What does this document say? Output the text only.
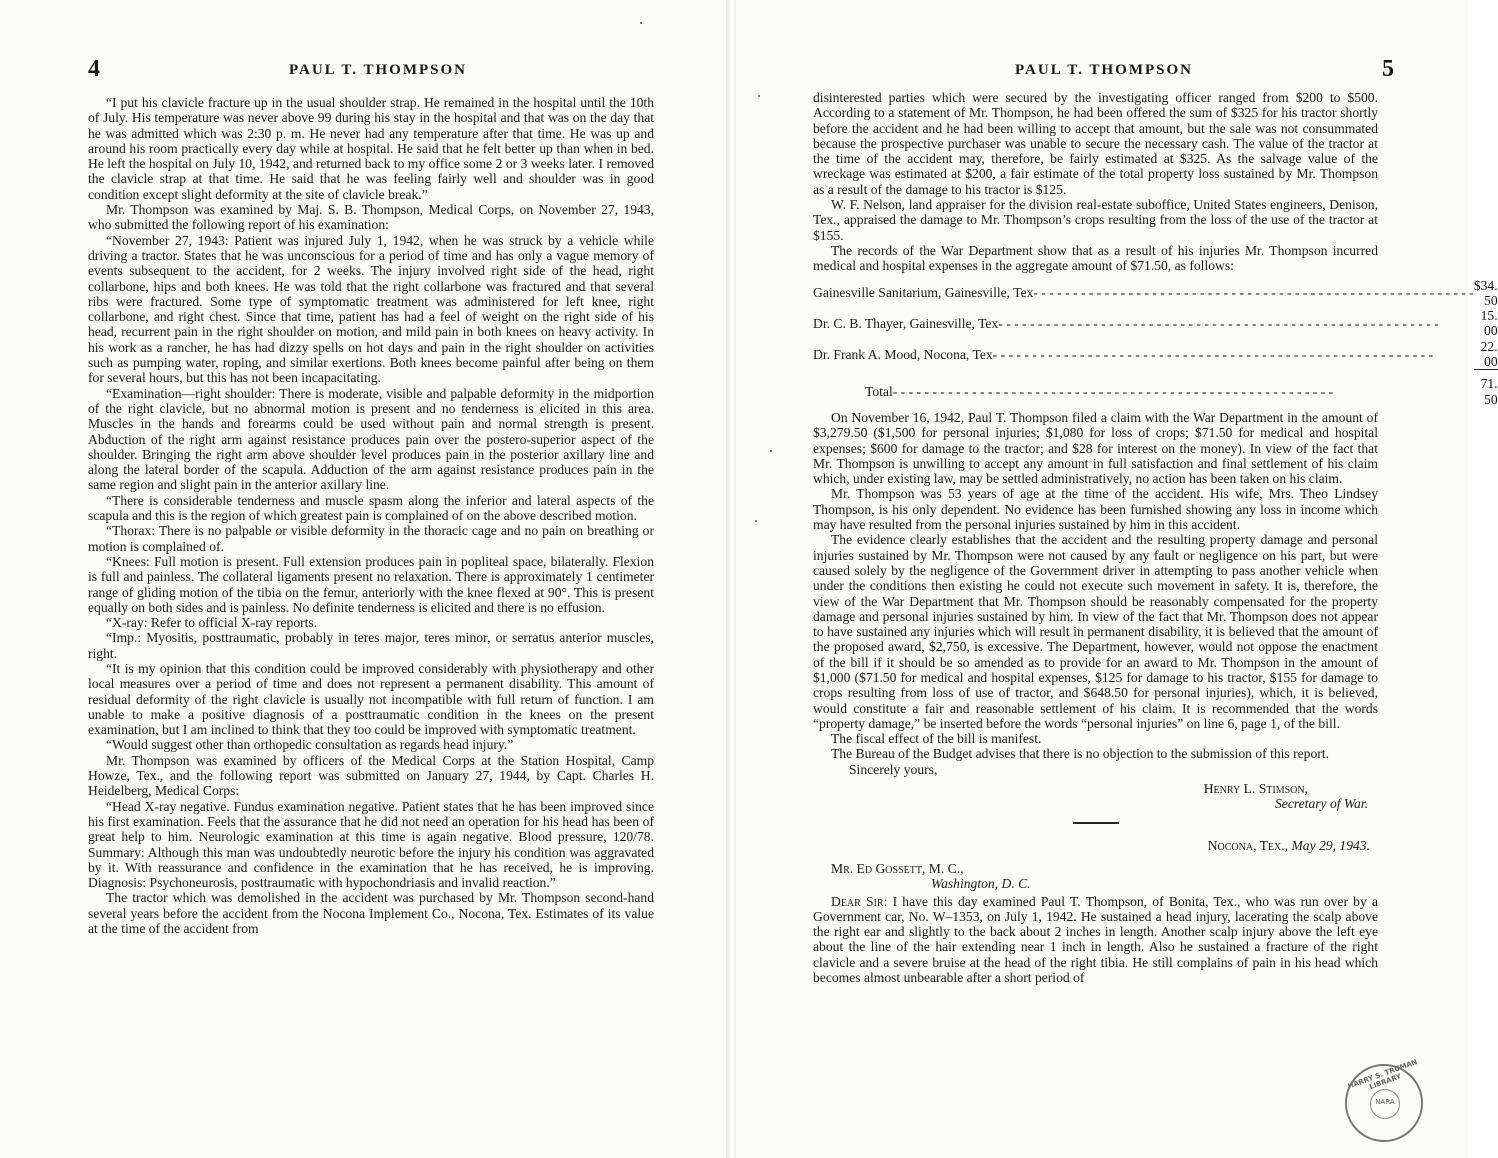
4	PAUL T. THOMPSON

“I put his clavicle fracture up in the usual shoulder strap. He remained in the hospital until the 10th of July. His temperature was never above 99 during his stay in the hospital and that was on the day that he was admitted which was 2:30 p. m. He never had any temperature after that time. He was up and around his room practically every day while at hospital. He said that he felt better up than when in bed. He left the hospital on July 10, 1942, and returned back to my office some 2 or 3 weeks later. I removed the clavicle strap at that time. He said that he was feeling fairly well and shoulder was in good condition except slight deformity at the site of clavicle break.”

Mr. Thompson was examined by Maj. S. B. Thompson, Medical Corps, on November 27, 1943, who submitted the following report of his examination:

“November 27, 1943: Patient was injured July 1, 1942, when he was struck by a vehicle while driving a tractor. States that he was unconscious for a period of time and has only a vague memory of events subsequent to the accident, for 2 weeks. The injury involved right side of the head, right collarbone, hips and both knees. He was told that the right collarbone was fractured and that several ribs were fractured. Some type of symptomatic treatment was administered for left knee, right collarbone, and right chest. Since that time, patient has had a feel of weight on the right side of his head, recurrent pain in the right shoulder on motion, and mild pain in both knees on heavy activity. In his work as a rancher, he has had dizzy spells on hot days and pain in the right shoulder on activities such as pumping water, roping, and similar exertions. Both knees become painful after being on them for several hours, but this has not been incapacitating.

“Examination—right shoulder: There is moderate, visible and palpable deformity in the midportion of the right clavicle, but no abnormal motion is present and no tenderness is elicited in this area. Muscles in the hands and forearms could be used without pain and normal strength is present. Abduction of the right arm against resistance produces pain over the postero-superior aspect of the shoulder. Bringing the right arm above shoulder level produces pain in the posterior axillary line and along the lateral border of the scapula. Adduction of the arm against resistance produces pain in the same region and slight pain in the anterior axillary line.

“There is considerable tenderness and muscle spasm along the inferior and lateral aspects of the scapula and this is the region of which greatest pain is complained of on the above described motion.

“Thorax: There is no palpable or visible deformity in the thoracic cage and no pain on breathing or motion is complained of.

“Knees: Full motion is present. Full extension produces pain in popliteal space, bilaterally. Flexion is full and painless. The collateral ligaments present no relaxation. There is approximately 1 centimeter range of gliding motion of the tibia on the femur, anteriorly with the knee flexed at 90°. This is present equally on both sides and is painless. No definite tenderness is elicited and there is no effusion.

“X-ray: Refer to official X-ray reports.

“Imp.: Myositis, posttraumatic, probably in teres major, teres minor, or serratus anterior muscles, right.

“It is my opinion that this condition could be improved considerably with physiotherapy and other local measures over a period of time and does not represent a permanent disability. This amount of residual deformity of the right clavicle is usually not incompatible with full return of function. I am unable to make a positive diagnosis of a posttraumatic condition in the knees on the present examination, but I am inclined to think that they too could be improved with symptomatic treatment.

“Would suggest other than orthopedic consultation as regards head injury.”

Mr. Thompson was examined by officers of the Medical Corps at the Station Hospital, Camp Howze, Tex., and the following report was submitted on January 27, 1944, by Capt. Charles H. Heidelberg, Medical Corps:

“Head X-ray negative. Fundus examination negative. Patient states that he has been improved since his first examination. Feels that the assurance that he did not need an operation for his head has been of great help to him. Neurologic examination at this time is again negative. Blood pressure, 120/78. Summary: Although this man was undoubtedly neurotic before the injury his condition was aggravated by it. With reassurance and confidence in the examination that he has received, he is improving. Diagnosis: Psychoneurosis, posttraumatic with hypochondriasis and invalid reaction.”

The tractor which was demolished in the accident was purchased by Mr. Thompson second-hand several years before the accident from the Nocona Implement Co., Nocona, Tex. Estimates of its value at the time of the accident from

PAUL T. THOMPSON	5

disinterested parties which were secured by the investigating officer ranged from $200 to $500. According to a statement of Mr. Thompson, he had been offered the sum of $325 for his tractor shortly before the accident and he had been willing to accept that amount, but the sale was not consummated because the prospective purchaser was unable to secure the necessary cash. The value of the tractor at the time of the accident may, therefore, be fairly estimated at $325. As the salvage value of the wreckage was estimated at $200, a fair estimate of the total property loss sustained by Mr. Thompson as a result of the damage to his tractor is $125.

W. F. Nelson, land appraiser for the division real-estate suboffice, United States engineers, Denison, Tex., appraised the damage to Mr. Thompson’s crops resulting from the loss of the use of the tractor at $155.

The records of the War Department show that as a result of his injuries Mr. Thompson incurred medical and hospital expenses in the aggregate amount of $71.50, as follows:

Gainesville Sanitarium, Gainesville, Tex
- - -	$34. 50

Dr. C. B. Thayer, Gainesville, Tex
- - -	15. 00

Dr. Frank A. Mood, Nocona, Tex
- - -	22. 00

Total
- - -	71. 50

On November 16, 1942, Paul T. Thompson filed a claim with the War Department in the amount of $3,279.50 ($1,500 for personal injuries; $1,080 for loss of crops; $71.50 for medical and hospital expenses; $600 for damage to the tractor; and $28 for interest on the money). In view of the fact that Mr. Thompson is unwilling to accept any amount in full satisfaction and final settlement of his claim which, under existing law, may be settled administratively, no action has been taken on his claim.

Mr. Thompson was 53 years of age at the time of the accident. His wife, Mrs. Theo Lindsey Thompson, is his only dependent. No evidence has been furnished showing any loss in income which may have resulted from the personal injuries sustained by him in this accident.

The evidence clearly establishes that the accident and the resulting property damage and personal injuries sustained by Mr. Thompson were not caused by any fault or negligence on his part, but were caused solely by the negligence of the Government driver in attempting to pass another vehicle when under the conditions then existing he could not execute such movement in safety. It is, therefore, the view of the War Department that Mr. Thompson should be reasonably compensated for the property damage and personal injuries sustained by him. In view of the fact that Mr. Thompson does not appear to have sustained any injuries which will result in permanent disability, it is believed that the amount of the proposed award, $2,750, is excessive. The Department, however, would not oppose the enactment of the bill if it should be so amended as to provide for an award to Mr. Thompson in the amount of $1,000 ($71.50 for medical and hospital expenses, $125 for damage to his tractor, $155 for damage to crops resulting from loss of use of tractor, and $648.50 for personal injuries), which, it is believed, would constitute a fair and reasonable settlement of his claim. It is recommended that the words “property damage,” be inserted before the words “personal injuries” on line 6, page 1, of the bill.

The fiscal effect of the bill is manifest.

The Bureau of the Budget advises that there is no objection to the submission of this report.

Sincerely yours,

Henry L. Stimson,
Secretary of War.
Nocona, Tex., May 29, 1943.
Mr. Ed Gossett, M. C.,
Washington, D. C.

Dear Sir: I have this day examined Paul T. Thompson, of Bonita, Tex., who was run over by a Government car, No. W–1353, on July 1, 1942. He sustained a head injury, lacerating the scalp above the right ear and slightly to the back about 2 inches in length. Another scalp injury above the left eye about the line of the hair extending near 1 inch in length. Also he sustained a fracture of the right clavicle and a severe bruise at the head of the right tibia. He still complains of pain in his head which becomes almost unbearable after a short period of

HARRY S. TRUMAN LIBRARY
NARA
